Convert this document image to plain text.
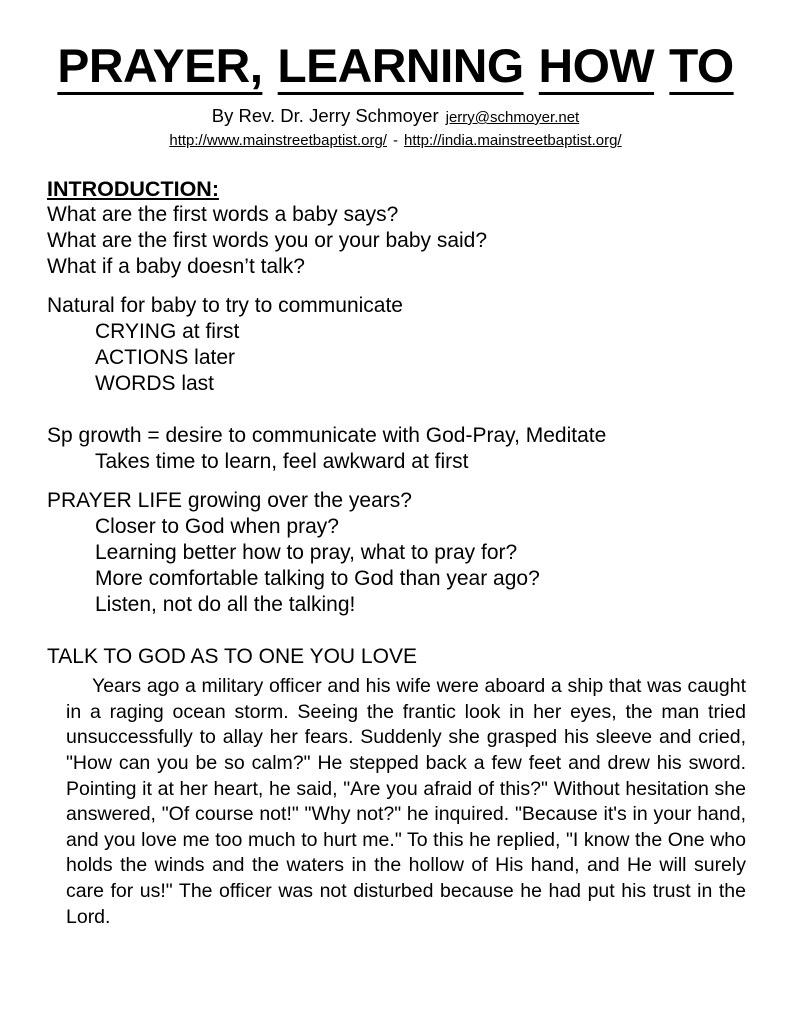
PRAYER, LEARNING HOW TO
By Rev. Dr. Jerry Schmoyer jerry@schmoyer.net
http://www.mainstreetbaptist.org/ - http://india.mainstreetbaptist.org/
INTRODUCTION:
What are the first words a baby says?
What are the first words you or your baby said?
What if a baby doesn’t talk?
Natural for baby to try to communicate
CRYING at first
ACTIONS later
WORDS last
Sp growth = desire to communicate with God-Pray, Meditate
Takes time to learn, feel awkward at first
PRAYER LIFE growing over the years?
Closer to God when pray?
Learning better how to pray, what to pray for?
More comfortable talking to God than year ago?
Listen, not do all the talking!
TALK TO GOD AS TO ONE YOU LOVE

Years ago a military officer and his wife were aboard a ship that was caught in a raging ocean storm. Seeing the frantic look in her eyes, the man tried unsuccessfully to allay her fears. Suddenly she grasped his sleeve and cried, "How can you be so calm?" He stepped back a few feet and drew his sword. Pointing it at her heart, he said, "Are you afraid of this?" Without hesitation she answered, "Of course not!" "Why not?" he inquired. "Because it's in your hand, and you love me too much to hurt me." To this he replied, "I know the One who holds the winds and the waters in the hollow of His hand, and He will surely care for us!" The officer was not disturbed because he had put his trust in the Lord.
